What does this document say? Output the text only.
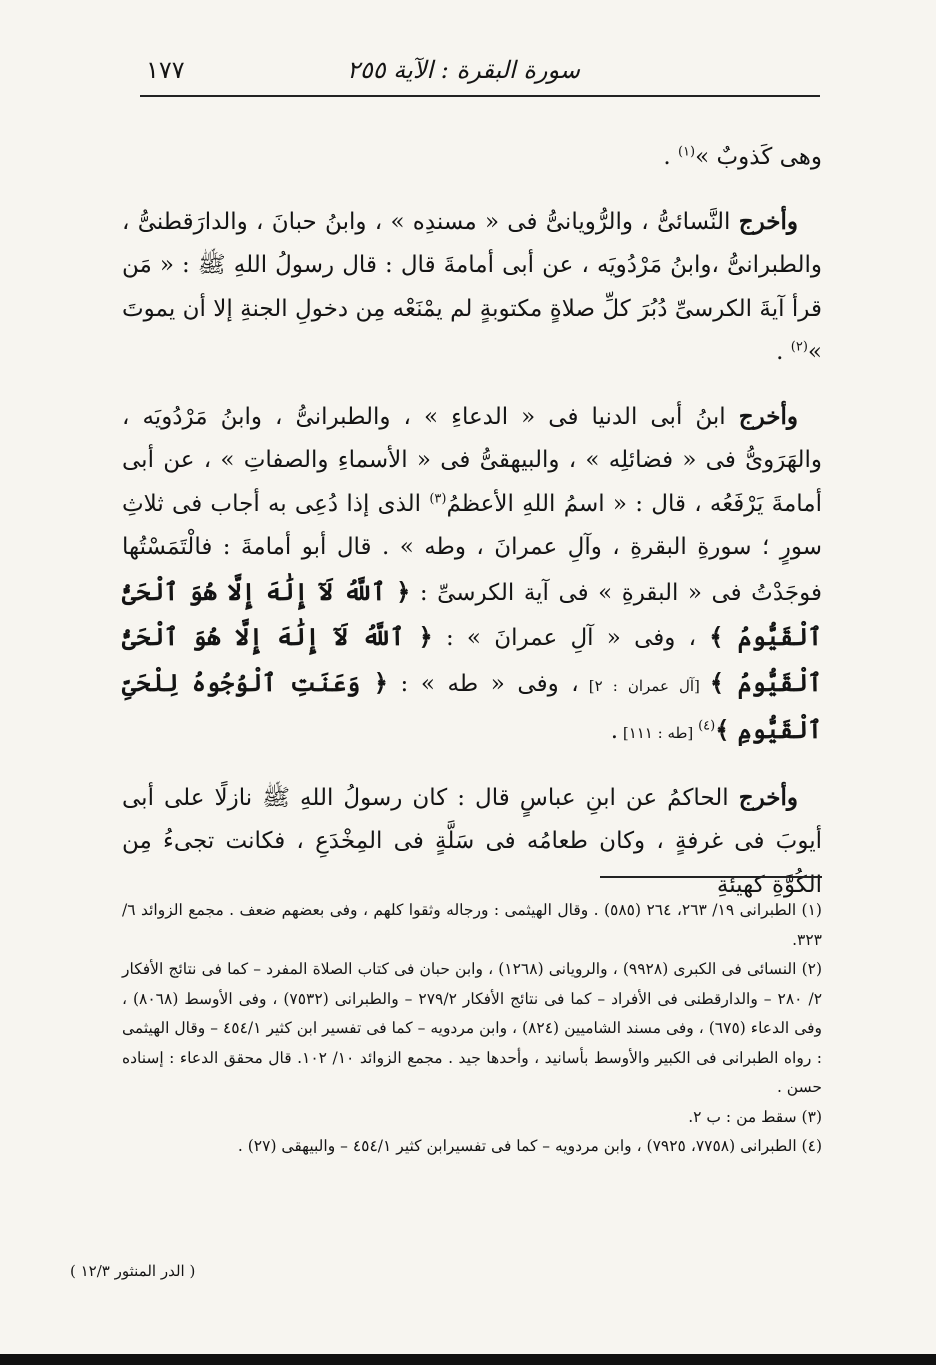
سورة البقرة : الآية ٢٥٥
١٧٧

وهى كَذوبٌ »$^{(١)}$ .

وأخرج النَّسائىُّ ، والرُّويانىُّ فى « مسندِه » ، وابنُ حبانَ ، والدارَقطنىُّ ، والطبرانىُّ ،وابنُ مَرْدُويَه ، عن أبى أمامةَ قال : قال رسولُ اللهِ ﷺ : « مَن قرأ آيةَ الكرسىِّ دُبُرَ كلِّ صلاةٍ مكتوبةٍ لم يمْنَعْه مِن دخولِ الجنةِ إلا أن يموتَ »$^{(٢)}$ .

وأخرج ابنُ أبى الدنيا فى « الدعاءِ » ، والطبرانىُّ ، وابنُ مَرْدُويَه ، والهَرَوىُّ فى « فضائلِه » ، والبيهقىُّ فى « الأسماءِ والصفاتِ » ، عن أبى أمامةَ يَرْفَعُه ، قال : « اسمُ اللهِ الأعظمُ$^{(٣)}$ الذى إذا دُعِى به أجاب فى ثلاثِ سورٍ ؛ سورةِ البقرةِ ، وآلِ عمرانَ ، وطه » . قال أبو أمامةَ : فالْتَمَسْتُها فوجَدْتُ فى « البقرةِ » فى آية الكرسىِّ : ﴿ ٱللَّهُ لَآ إِلَٰهَ إِلَّا هُوَ ٱلْحَىُّ ٱلْقَيُّومُ ﴾ ، وفى « آلِ عمرانَ » : ﴿ ٱللَّهُ لَآ إِلَٰهَ إِلَّا هُوَ ٱلْحَىُّ ٱلْقَيُّومُ ﴾ [آل عمران : ٢] ، وفى « طه » : ﴿ وَعَنَتِ ٱلْوُجُوهُ لِلْحَىِّ ٱلْقَيُّومِ ﴾$^{(٤)}$ [طه : ١١١] .

وأخرج الحاكمُ عن ابنِ عباسٍ قال : كان رسولُ اللهِ ﷺ نازلًا على أبى أيوبَ فى غرفةٍ ، وكان طعامُه فى سَلَّةٍ فى المِخْدَعِ ، فكانت تجىءُ مِن الكُوَّةِ كهيئةِ

(١) الطبرانى ١٩/ ٢٦٣، ٢٦٤ (٥٨٥) . وقال الهيثمى : ورجاله وثقوا كلهم ، وفى بعضهم ضعف . مجمع الزوائد ٦/ ٣٢٣.

(٢) النسائى فى الكبرى (٩٩٢٨) ، والرويانى (١٢٦٨) ، وابن حبان فى كتاب الصلاة المفرد – كما فى نتائج الأفكار ٢/ ٢٨٠ – والدارقطنى فى الأفراد – كما فى نتائج الأفكار ٢٧٩/٢ – والطبرانى (٧٥٣٢) ، وفى الأوسط (٨٠٦٨) ، وفى الدعاء (٦٧٥) ، وفى مسند الشاميين (٨٢٤) ، وابن مردويه – كما فى تفسير ابن كثير ٤٥٤/١ – وقال الهيثمى : رواه الطبرانى فى الكبير والأوسط بأسانيد ، وأحدها جيد . مجمع الزوائد ١٠/ ١٠٢. قال محقق الدعاء : إسناده حسن .

(٣) سقط من : ب ٢.

(٤) الطبرانى (٧٧٥٨، ٧٩٢٥) ، وابن مردويه – كما فى تفسيرابن كثير ٤٥٤/١ – والبيهقى (٢٧) .

( الدر المنثور ١٢/٣ )
